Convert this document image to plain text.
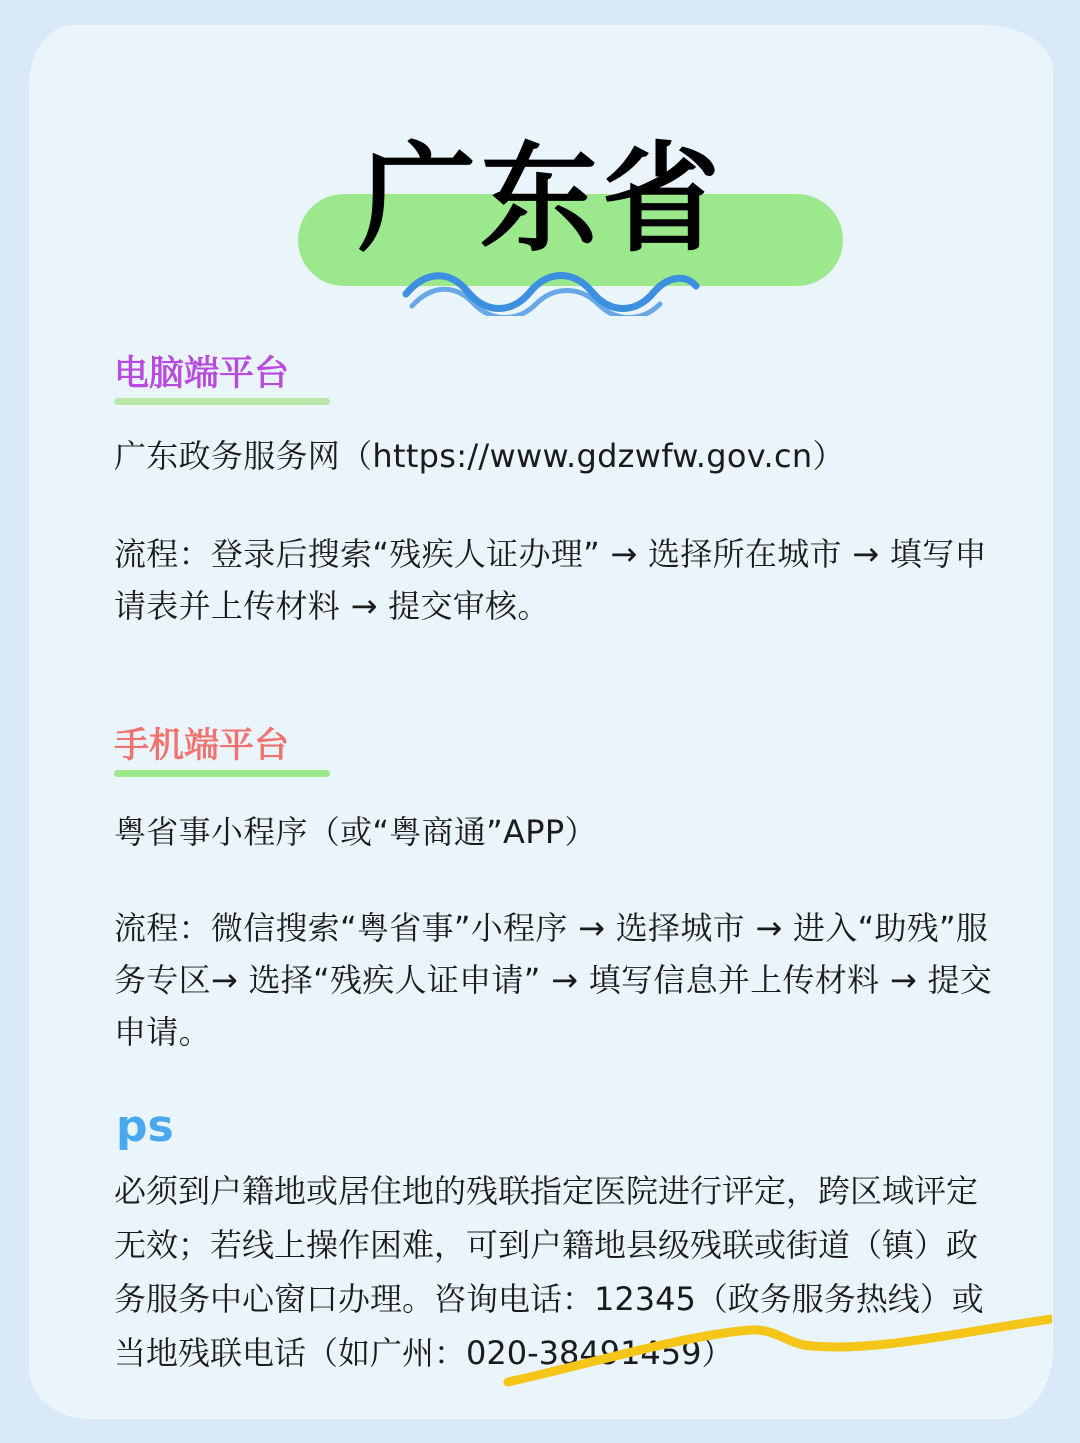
广东省
电脑端平台
广东政务服务网（https://www.gdzwfw.gov.cn）
流程：登录后搜索“残疾人证办理” → 选择所在城市 → 填写申请表并上传材料 → 提交审核。
手机端平台
粤省事小程序（或“粤商通”APP）
流程：微信搜索“粤省事”小程序 → 选择城市 → 进入“助残”服务专区→ 选择“残疾人证申请” → 填写信息并上传材料 → 提交申请。
ps
必须到户籍地或居住地的残联指定医院进行评定，跨区域评定无效；若线上操作困难，可到户籍地县级残联或街道（镇）政务服务中心窗口办理。咨询电话：12345（政务服务热线）或当地残联电话（如广州：020-38491459）
